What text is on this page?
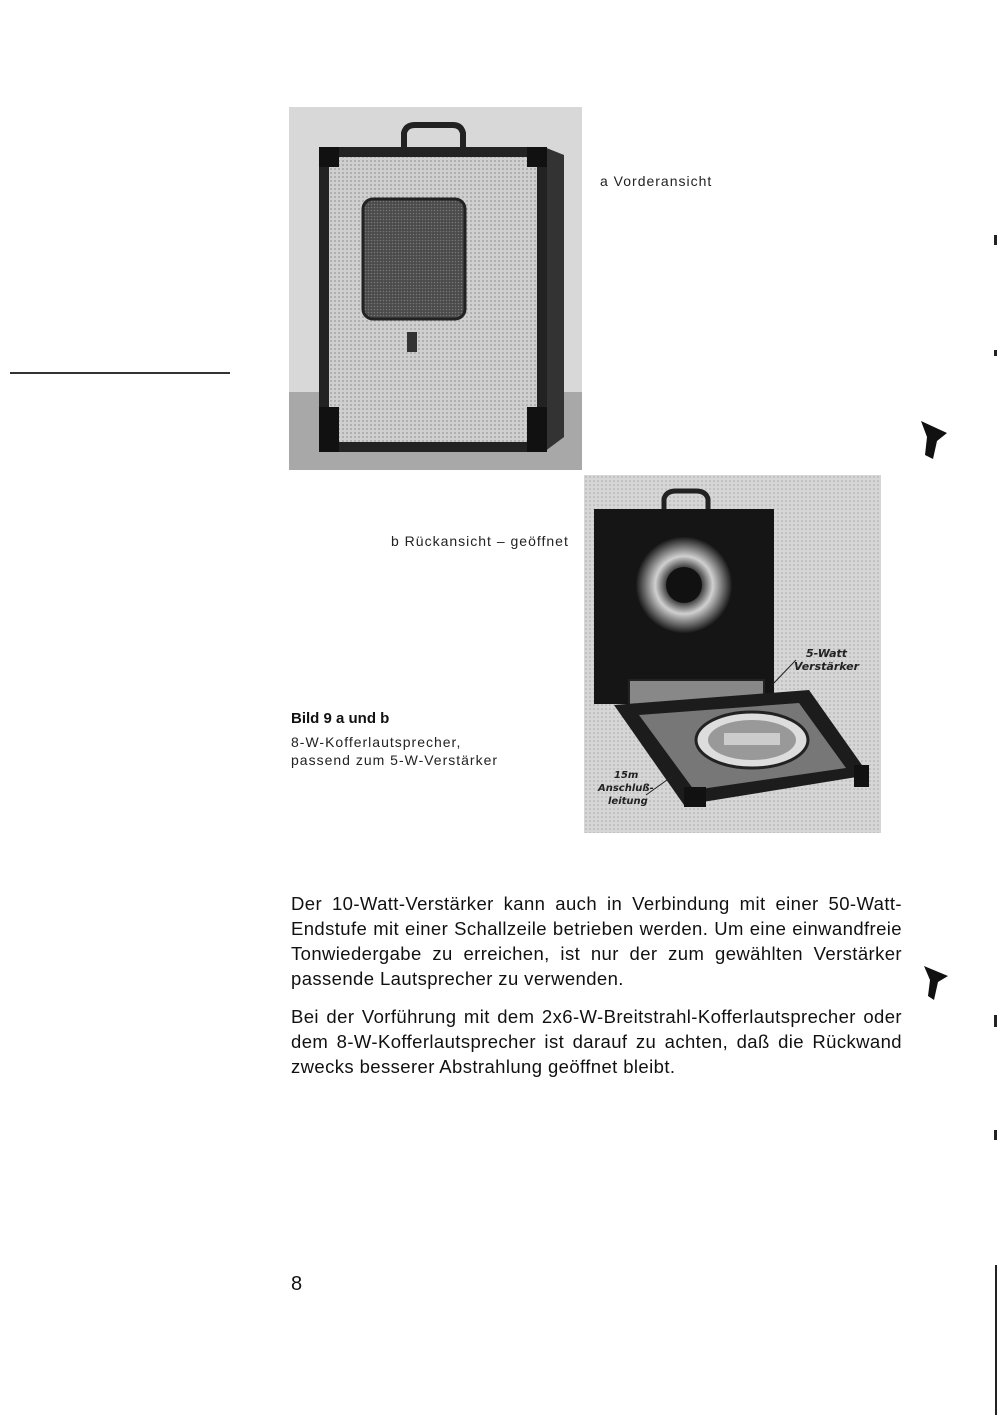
a Vorderansicht
b Rückansicht – geöffnet
5-Watt
Verstärker
15m
Anschluß-
leitung
Bild 9 a und b
8-W-Kofferlautsprecher,
passend zum 5-W-Verstärker

Der 10-Watt-Verstärker kann auch in Verbindung mit einer 50-Watt-Endstufe mit einer Schallzeile betrieben werden. Um eine einwandfreie Tonwiedergabe zu erreichen, ist nur der zum gewählten Verstärker passende Lautsprecher zu verwenden.

Bei der Vorführung mit dem 2x6-W-Breitstrahl-Kofferlautsprecher oder dem 8-W-Kofferlautsprecher ist darauf zu achten, daß die Rückwand zwecks besserer Abstrahlung geöffnet bleibt.

8
